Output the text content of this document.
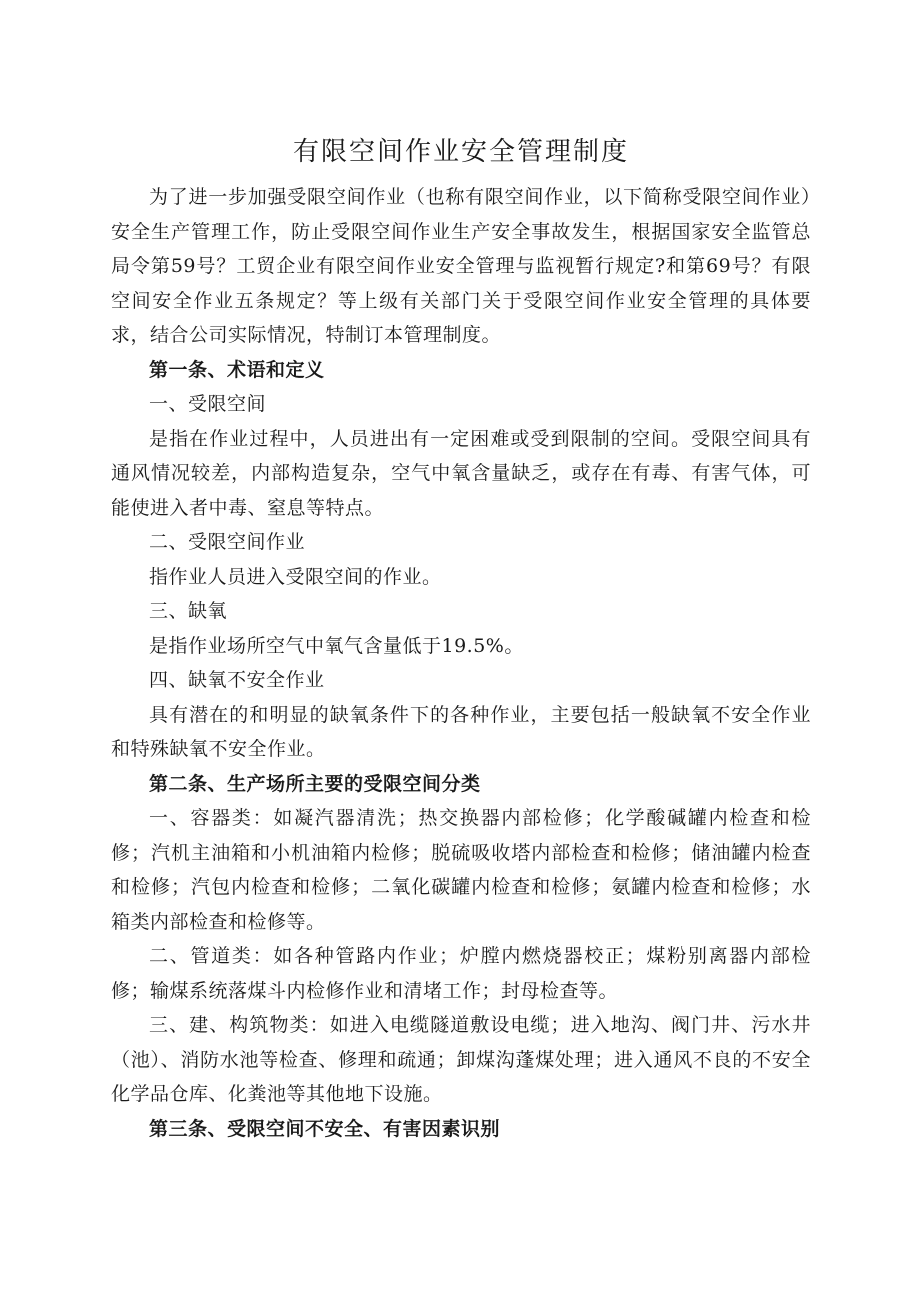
有限空间作业安全管理制度

为了进一步加强受限空间作业（也称有限空间作业，以下简称受限空间作业）安全生产管理工作，防止受限空间作业生产安全事故发生，根据国家安全监管总局令第59号？工贸企业有限空间作业安全管理与监视暂行规定?和第69号？有限空间安全作业五条规定？等上级有关部门关于受限空间作业安全管理的具体要求，结合公司实际情况，特制订本管理制度。

第一条、术语和定义

一、受限空间

是指在作业过程中，人员进出有一定困难或受到限制的空间。受限空间具有通风情况较差，内部构造复杂，空气中氧含量缺乏，或存在有毒、有害气体，可能使进入者中毒、窒息等特点。

二、受限空间作业

指作业人员进入受限空间的作业。

三、缺氧

是指作业场所空气中氧气含量低于19.5%。

四、缺氧不安全作业

具有潜在的和明显的缺氧条件下的各种作业，主要包括一般缺氧不安全作业和特殊缺氧不安全作业。

第二条、生产场所主要的受限空间分类

一、容器类：如凝汽器清洗；热交换器内部检修；化学酸碱罐内检查和检修；汽机主油箱和小机油箱内检修；脱硫吸收塔内部检查和检修；储油罐内检查和检修；汽包内检查和检修；二氧化碳罐内检查和检修；氨罐内检查和检修；水箱类内部检查和检修等。

二、管道类：如各种管路内作业；炉膛内燃烧器校正；煤粉别离器内部检修；输煤系统落煤斗内检修作业和清堵工作；封母检查等。

三、建、构筑物类：如进入电缆隧道敷设电缆；进入地沟、阀门井、污水井（池）、消防水池等检查、修理和疏通；卸煤沟蓬煤处理；进入通风不良的不安全化学品仓库、化粪池等其他地下设施。

第三条、受限空间不安全、有害因素识别
